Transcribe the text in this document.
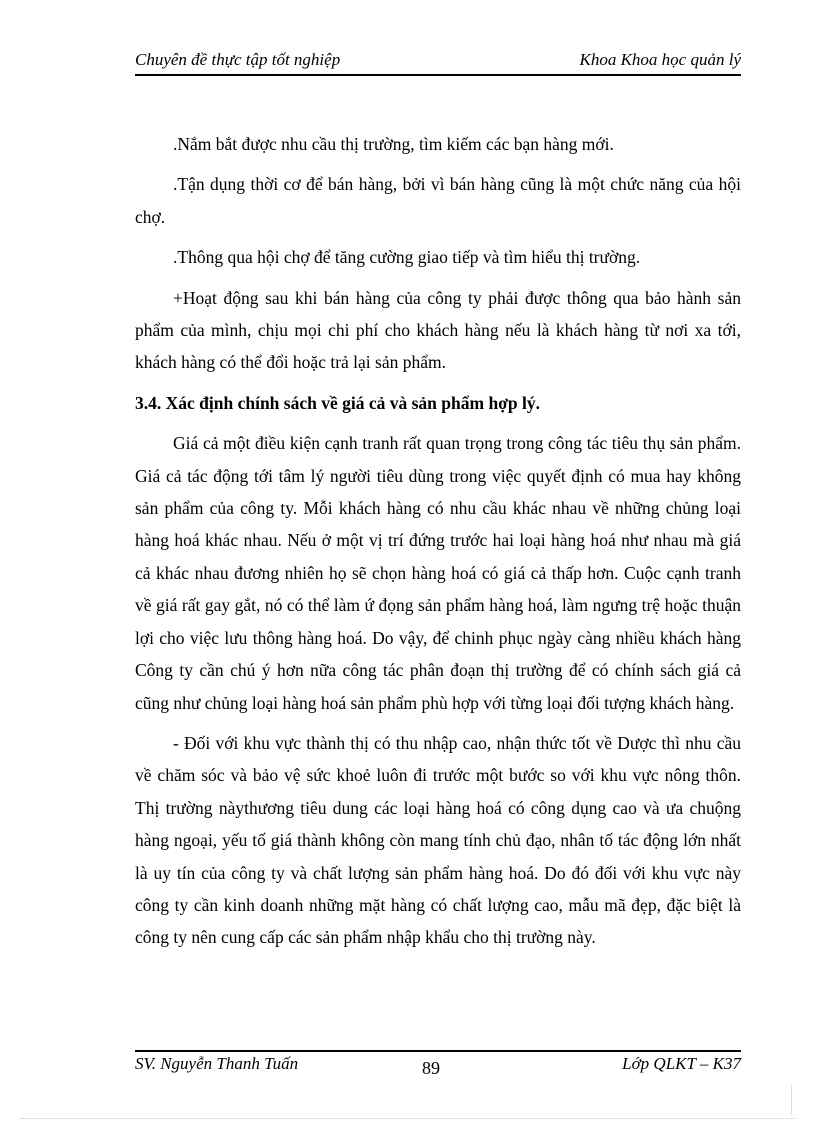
Chuyên đề thực tập tốt nghiệp	Khoa Khoa học quản lý

.Nắm bắt được nhu cầu thị trường, tìm kiếm các bạn hàng mới.

.Tận dụng thời cơ để bán hàng, bởi vì bán hàng cũng là một chức năng của hội chợ.

.Thông qua hội chợ để tăng cường giao tiếp và tìm hiểu thị trường.

+Hoạt động sau khi bán hàng của công ty phải được thông qua bảo hành sản phẩm của mình, chịu mọi chi phí cho khách hàng nếu là khách hàng từ nơi xa tới, khách hàng có thể đổi hoặc trả lại sản phẩm.

3.4. Xác định chính sách về giá cả và sản phẩm hợp lý.

Giá cả một điều kiện cạnh tranh rất quan trọng trong công tác tiêu thụ sản phẩm. Giá cả tác động tới tâm lý người tiêu dùng trong việc quyết định có mua hay không sản phẩm của công ty. Mỗi khách hàng có nhu cầu khác nhau về những chủng loại hàng hoá khác nhau. Nếu ở một vị trí đứng trước hai loại hàng hoá như nhau mà giá cả khác nhau đương nhiên họ sẽ chọn hàng hoá có giá cả thấp hơn. Cuộc cạnh tranh về giá rất gay gắt, nó có thể làm ứ đọng sản phẩm hàng hoá, làm ngưng trệ hoặc thuận lợi cho việc lưu thông hàng hoá. Do vậy, để chinh phục ngày càng nhiều khách hàng Công ty cần chú ý hơn nữa công tác phân đoạn thị trường để có chính sách giá cả cũng như chủng loại hàng hoá sản phẩm phù hợp với từng loại đối tượng khách hàng.

- Đối với khu vực thành thị có thu nhập cao, nhận thức tốt về Dược thì nhu cầu về chăm sóc và bảo vệ sức khoẻ luôn đi trước một bước so với khu vực nông thôn. Thị trường nàythương tiêu dung các loại hàng hoá có công dụng cao và ưa chuộng hàng ngoại, yếu tố giá thành không còn mang tính chủ đạo, nhân tố tác động lớn nhất là uy tín của công ty và chất lượng sản phẩm hàng hoá. Do đó đối với khu vực này công ty cần kinh doanh những mặt hàng có chất lượng cao, mẫu mã đẹp, đặc biệt là công ty nên cung cấp các sản phẩm nhập khẩu cho thị trường này.

SV. Nguyễn Thanh Tuấn	89	Lớp QLKT – K37
